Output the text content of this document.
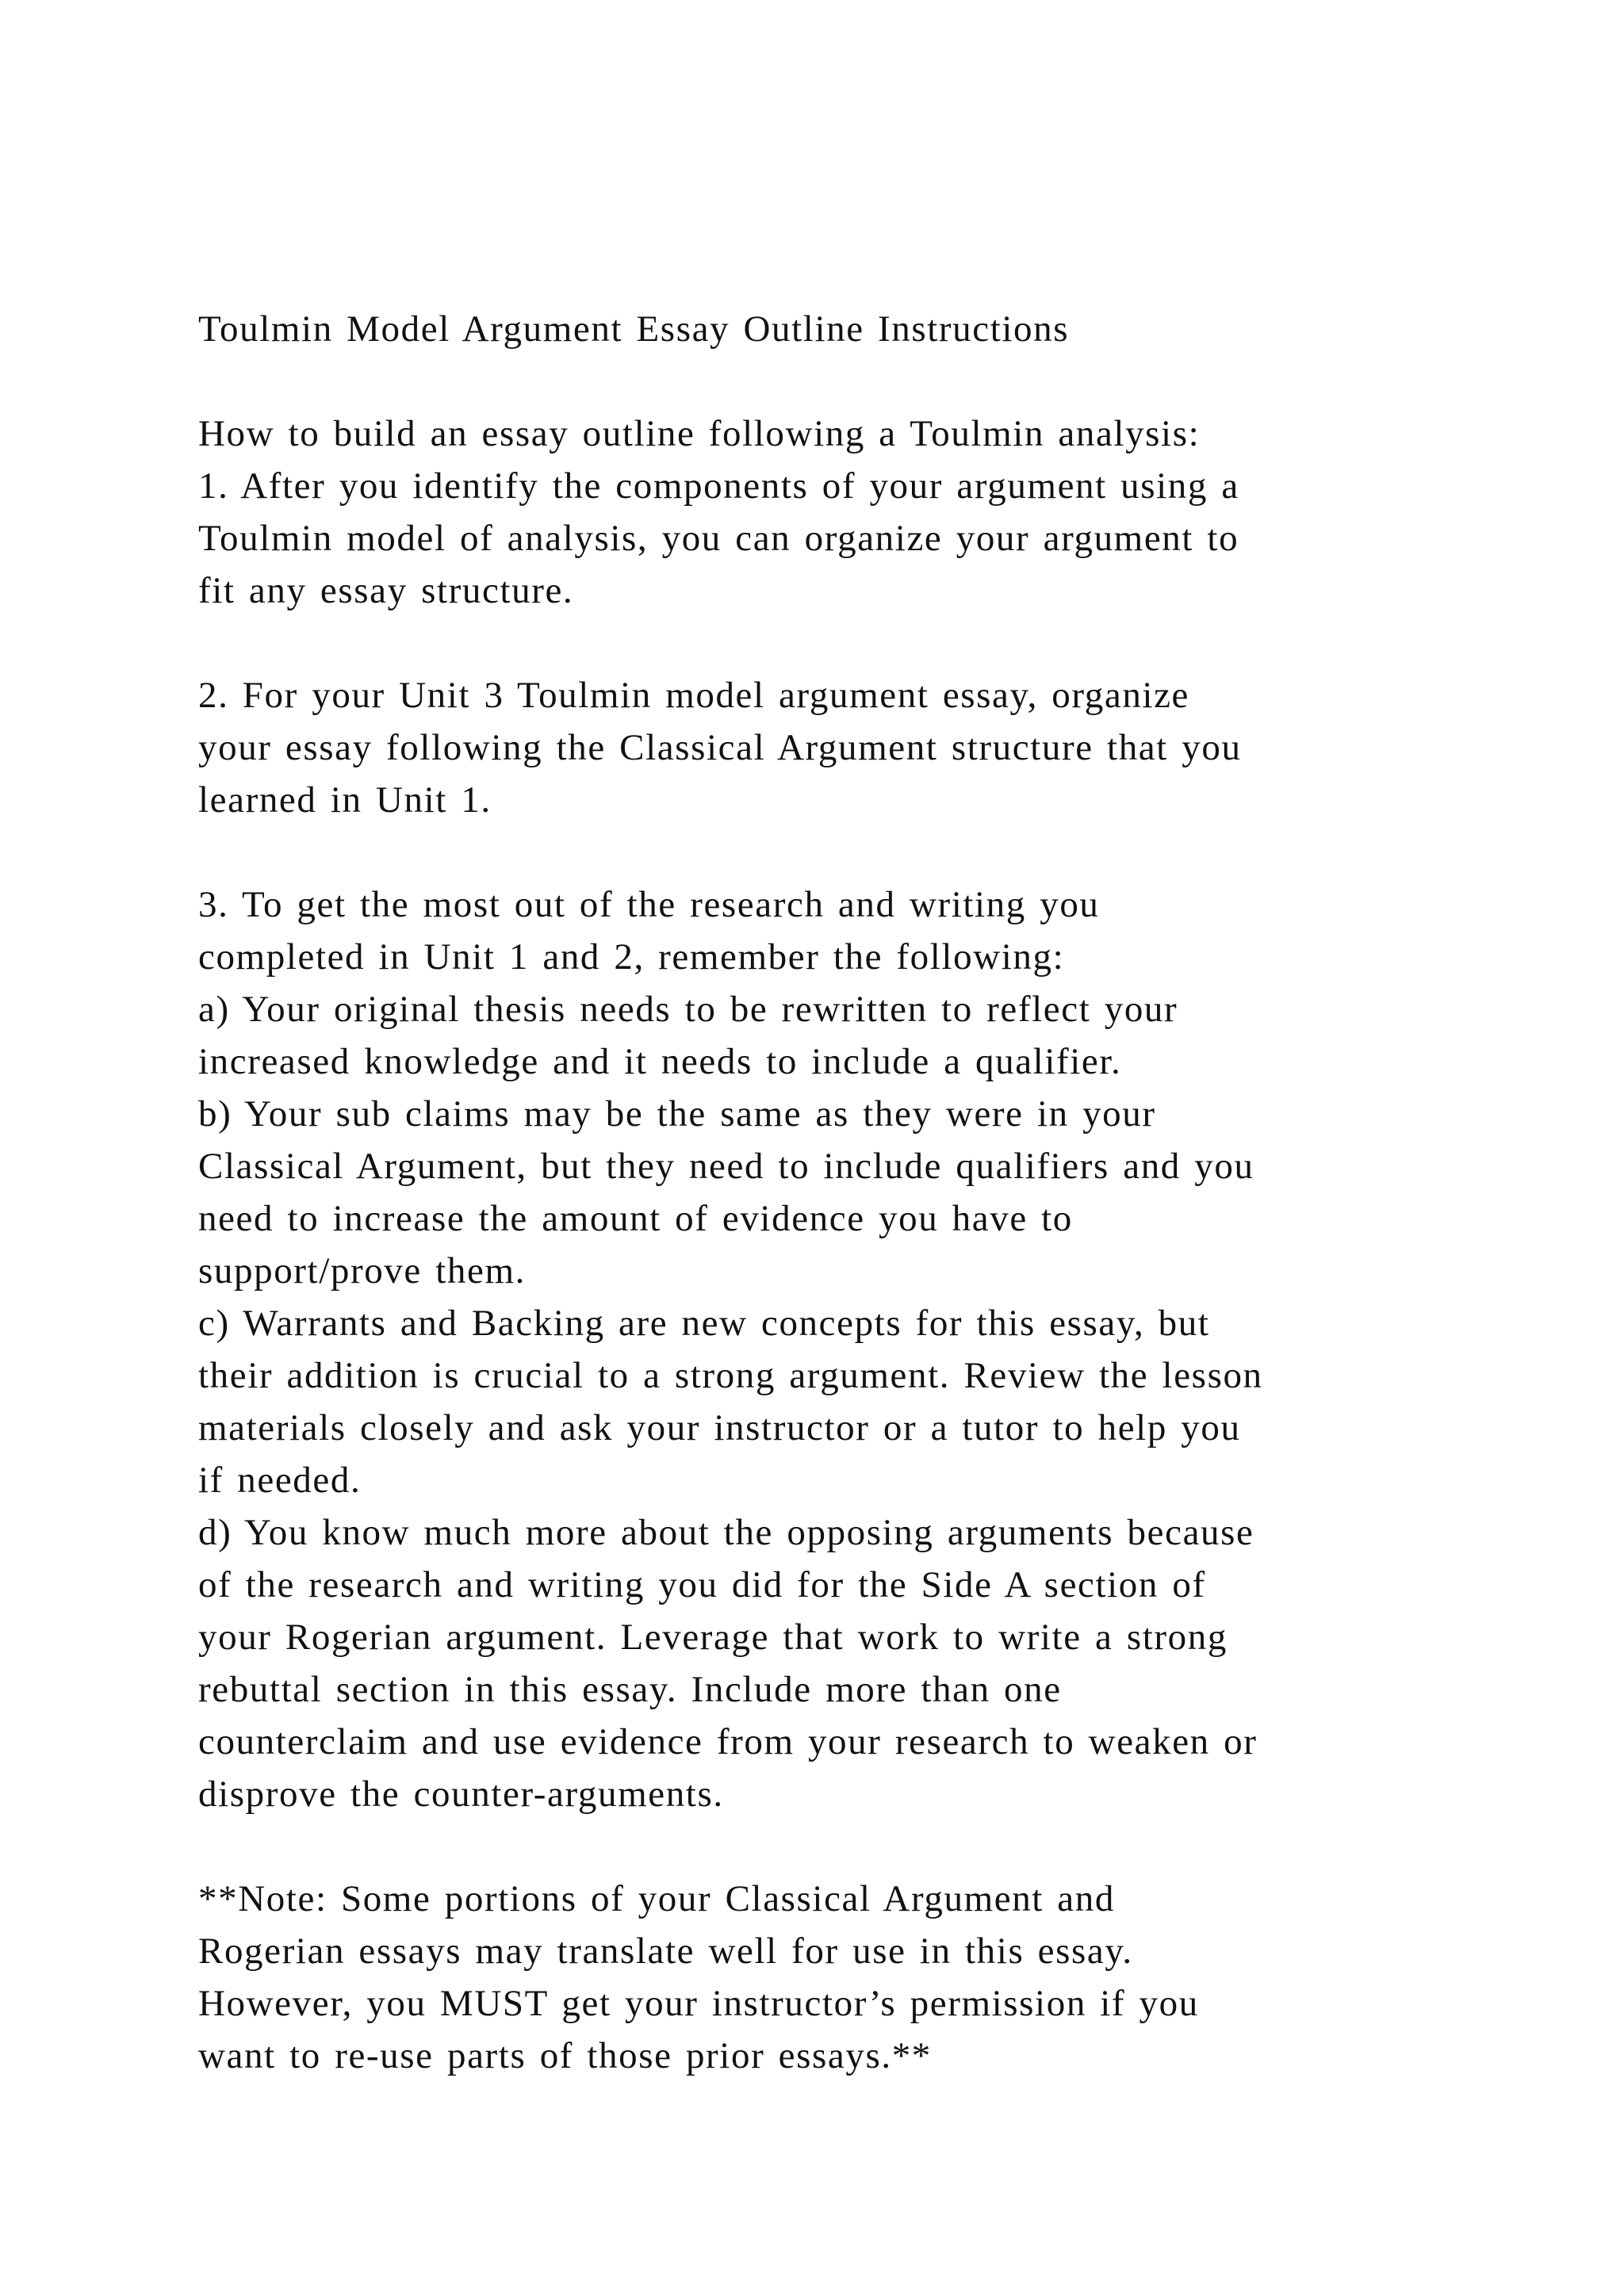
Toulmin Model Argument Essay Outline Instructions
How to build an essay outline following a Toulmin analysis:
1. After you identify the components of your argument using a
Toulmin model of analysis, you can organize your argument to
fit any essay structure.
2. For your Unit 3 Toulmin model argument essay, organize
your essay following the Classical Argument structure that you
learned in Unit 1.
3. To get the most out of the research and writing you
completed in Unit 1 and 2, remember the following:
a) Your original thesis needs to be rewritten to reflect your
increased knowledge and it needs to include a qualifier.
b) Your sub claims may be the same as they were in your
Classical Argument, but they need to include qualifiers and you
need to increase the amount of evidence you have to
support/prove them.
c) Warrants and Backing are new concepts for this essay, but
their addition is crucial to a strong argument. Review the lesson
materials closely and ask your instructor or a tutor to help you
if needed.
d) You know much more about the opposing arguments because
of the research and writing you did for the Side A section of
your Rogerian argument. Leverage that work to write a strong
rebuttal section in this essay. Include more than one
counterclaim and use evidence from your research to weaken or
disprove the counter-arguments.
**Note: Some portions of your Classical Argument and
Rogerian essays may translate well for use in this essay.
However, you MUST get your instructor’s permission if you
want to re-use parts of those prior essays.**
